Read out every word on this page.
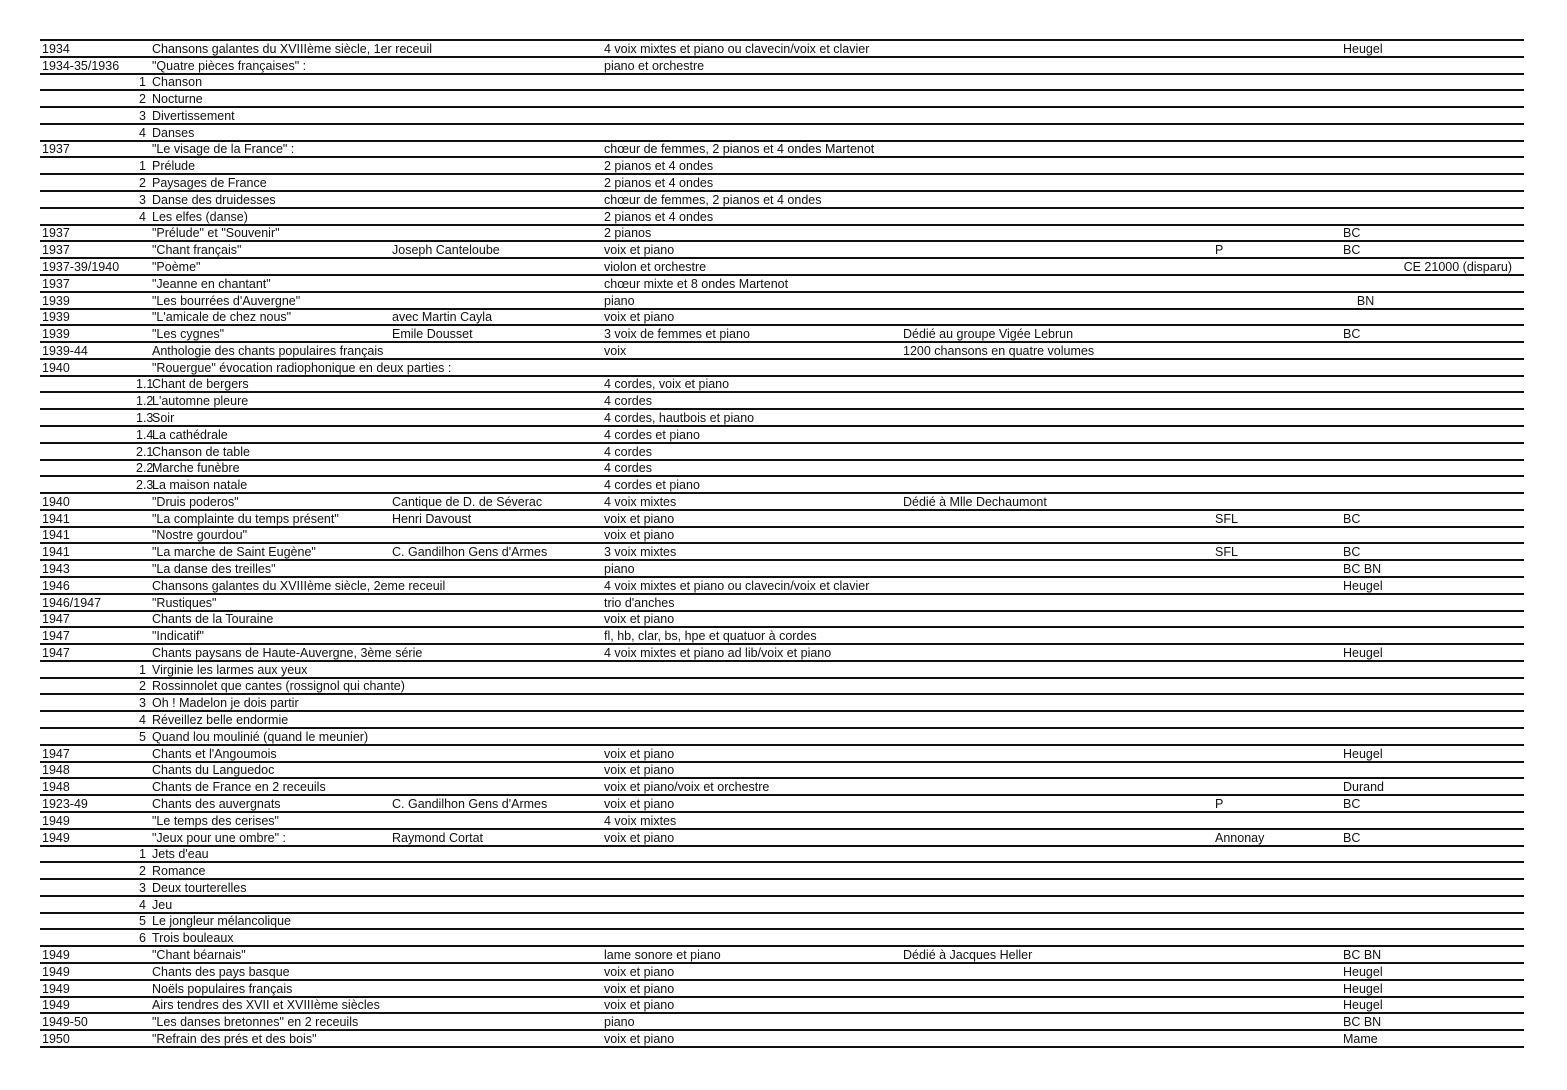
1934		Chansons galantes du XVIIIème siècle, 1er receuil		4 voix mixtes et piano ou clavecin/voix et clavier			Heugel
1934-35/1936		"Quatre pièces françaises" :		piano et orchestre			
	1	Chanson					
	2	Nocturne					
	3	Divertissement					
	4	Danses					
1937		"Le visage de la France" :		chœur de femmes, 2 pianos et 4 ondes Martenot			
	1	Prélude		2 pianos et 4 ondes			
	2	Paysages de France		2 pianos et 4 ondes			
	3	Danse des druidesses		chœur de femmes, 2 pianos et 4 ondes			
	4	Les elfes (danse)		2 pianos et 4 ondes			
1937		"Prélude" et "Souvenir"		2 pianos			BC
1937		"Chant français"	Joseph Canteloube	voix et piano		P	BC
1937-39/1940		"Poème"		violon et orchestre			CE 21000 (disparu)
1937		"Jeanne en chantant"		chœur mixte et 8 ondes Martenot			
1939		"Les bourrées d'Auvergne"		piano			BN
1939		"L'amicale de chez nous"	avec Martin Cayla	voix et piano			
1939		"Les cygnes"	Emile Dousset	3 voix de femmes et piano	Dédié au groupe Vigée Lebrun		BC
1939-44		Anthologie des chants populaires français		voix	1200 chansons en quatre volumes		
1940		"Rouergue" évocation radiophonique en deux parties :					
	1.1	Chant de bergers		4 cordes, voix et piano			
	1.2	L'automne pleure		4 cordes			
	1.3	Soir		4 cordes, hautbois et piano			
	1.4	La cathédrale		4 cordes et piano			
	2.1	Chanson de table		4 cordes			
	2.2	Marche funèbre		4 cordes			
	2.3	La maison natale		4 cordes et piano			
1940		"Druis poderos"	Cantique de D. de Séverac	4 voix mixtes	Dédié à Mlle Dechaumont		
1941		"La complainte du temps présent"	Henri Davoust	voix et piano		SFL	BC
1941		"Nostre gourdou"		voix et piano			
1941		"La marche de Saint Eugène"	C. Gandilhon Gens d'Armes	3 voix mixtes		SFL	BC
1943		"La danse des treilles"		piano			BC BN
1946		Chansons galantes du XVIIIème siècle, 2eme receuil		4 voix mixtes et piano ou clavecin/voix et clavier			Heugel
1946/1947		"Rustiques"		trio d'anches			
1947		Chants de la Touraine		voix et piano			
1947		"Indicatif"		fl, hb, clar, bs, hpe et quatuor à cordes			
1947		Chants paysans de Haute-Auvergne, 3ème série		4 voix mixtes et piano ad lib/voix et piano			Heugel
	1	Virginie les larmes aux yeux					
	2	Rossinnolet que cantes (rossignol qui chante)					
	3	Oh ! Madelon je dois partir					
	4	Réveillez belle endormie					
	5	Quand lou moulinié (quand le meunier)					
1947		Chants et l'Angoumois		voix et piano			Heugel
1948		Chants du Languedoc		voix et piano			
1948		Chants de France en 2 receuils		voix et piano/voix et orchestre			Durand
1923-49		Chants des auvergnats	C. Gandilhon Gens d'Armes	voix et piano		P	BC
1949		"Le temps des cerises"		4 voix mixtes			
1949		"Jeux pour une ombre" :	Raymond Cortat	voix et piano		Annonay	BC
	1	Jets d'eau					
	2	Romance					
	3	Deux tourterelles					
	4	Jeu					
	5	Le jongleur mélancolique					
	6	Trois bouleaux					
1949		"Chant béarnais"		lame sonore et piano	Dédié à Jacques Heller		BC BN
1949		Chants des pays basque		voix et piano			Heugel
1949		Noëls populaires français		voix et piano			Heugel
1949		Airs tendres des XVII et XVIIIème siècles		voix et piano			Heugel
1949-50		"Les danses bretonnes" en 2 receuils		piano			BC BN
1950		"Refrain des prés et des bois"		voix et piano			Mame
